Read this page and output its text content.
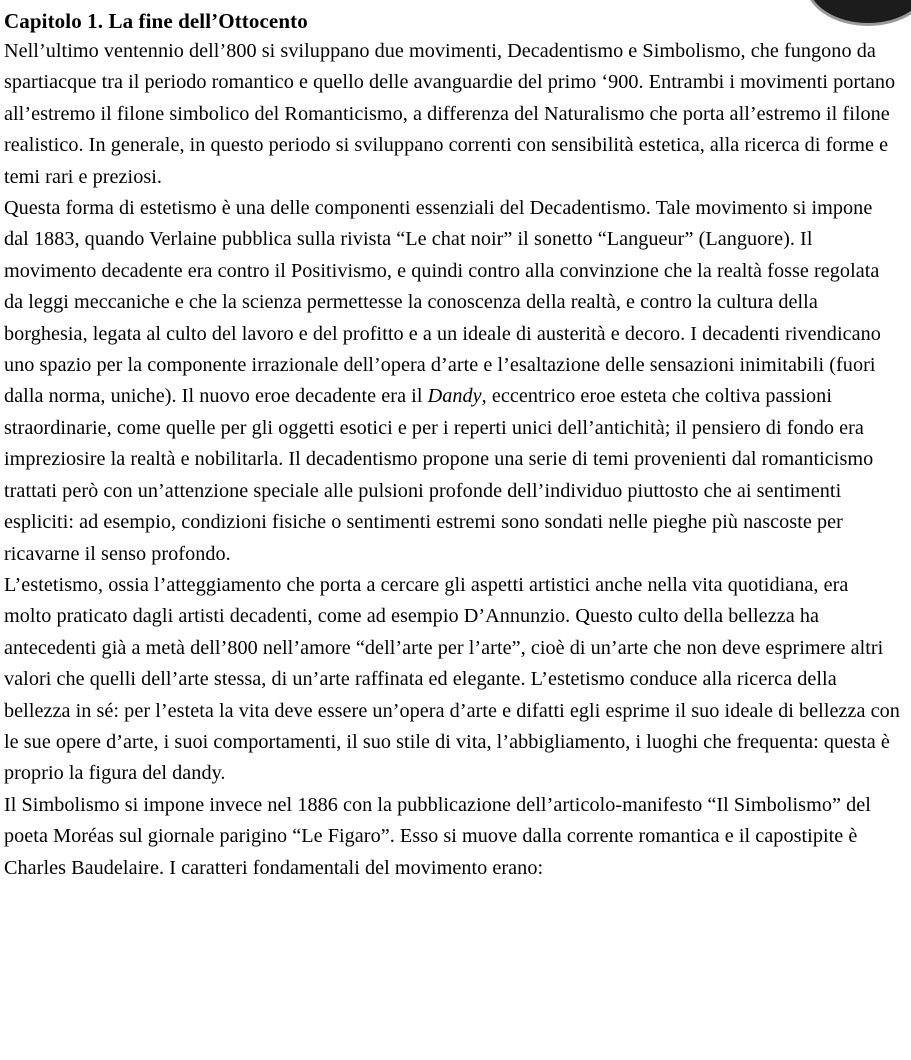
Capitolo 1. La fine dell’Ottocento

Nell’ultimo ventennio dell’800 si sviluppano due movimenti, Decadentismo e Simbolismo, che fungono da spartiacque tra il periodo romantico e quello delle avanguardie del primo ‘900. Entrambi i movimenti portano all’estremo il filone simbolico del Romanticismo, a differenza del Naturalismo che porta all’estremo il filone realistico. In generale, in questo periodo si sviluppano correnti con sensibilità estetica, alla ricerca di forme e temi rari e preziosi.

Questa forma di estetismo è una delle componenti essenziali del Decadentismo. Tale movimento si impone dal 1883, quando Verlaine pubblica sulla rivista “Le chat noir” il sonetto “Langueur” (Languore). Il movimento decadente era contro il Positivismo, e quindi contro alla convinzione che la realtà fosse regolata da leggi meccaniche e che la scienza permettesse la conoscenza della realtà, e contro la cultura della borghesia, legata al culto del lavoro e del profitto e a un ideale di austerità e decoro. I decadenti rivendicano uno spazio per la componente irrazionale dell’opera d’arte e l’esaltazione delle sensazioni inimitabili (fuori dalla norma, uniche). Il nuovo eroe decadente era il Dandy, eccentrico eroe esteta che coltiva passioni straordinarie, come quelle per gli oggetti esotici e per i reperti unici dell’antichità; il pensiero di fondo era impreziosire la realtà e nobilitarla. Il decadentismo propone una serie di temi provenienti dal romanticismo trattati però con un’attenzione speciale alle pulsioni profonde dell’individuo piuttosto che ai sentimenti espliciti: ad esempio, condizioni fisiche o sentimenti estremi sono sondati nelle pieghe più nascoste per ricavarne il senso profondo.

L’estetismo, ossia l’atteggiamento che porta a cercare gli aspetti artistici anche nella vita quotidiana, era molto praticato dagli artisti decadenti, come ad esempio D’Annunzio. Questo culto della bellezza ha antecedenti già a metà dell’800 nell’amore “dell’arte per l’arte”, cioè di un’arte che non deve esprimere altri valori che quelli dell’arte stessa, di un’arte raffinata ed elegante. L’estetismo conduce alla ricerca della bellezza in sé: per l’esteta la vita deve essere un’opera d’arte e difatti egli esprime il suo ideale di bellezza con le sue opere d’arte, i suoi comportamenti, il suo stile di vita, l’abbigliamento, i luoghi che frequenta: questa è proprio la figura del dandy.

Il Simbolismo si impone invece nel 1886 con la pubblicazione dell’articolo-manifesto “Il Simbolismo” del poeta Moréas sul giornale parigino “Le Figaro”. Esso si muove dalla corrente romantica e il capostipite è Charles Baudelaire. I caratteri fondamentali del movimento erano:
